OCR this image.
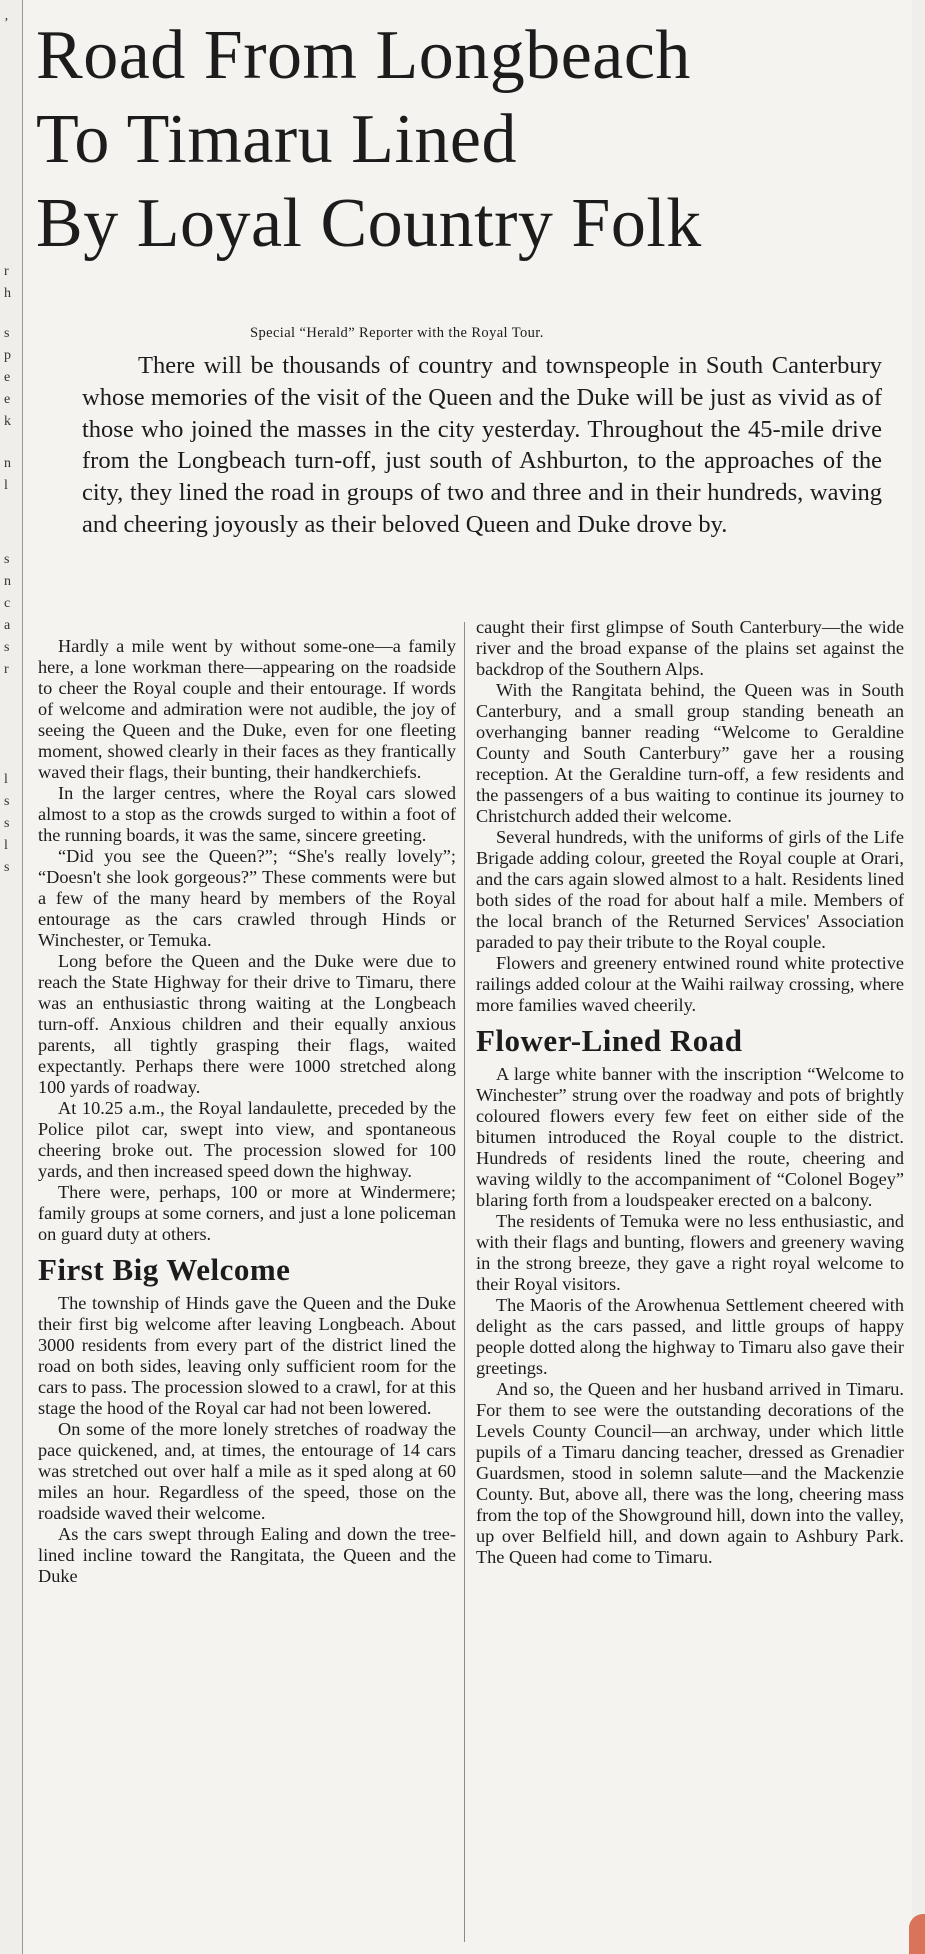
’
r
h
s
p
e
e
k
n
l
s
n
c
a
s
r
l
s
s
l
s
Road From Longbeach
To Timaru Lined
By Loyal Country Folk

Special “Herald” Reporter with the Royal Tour.

There will be thousands of country and townspeople in South Canterbury whose memories of the visit of the Queen and the Duke will be just as vivid as of those who joined the masses in the city yesterday. Throughout the 45-mile drive from the Longbeach turn-off, just south of Ashburton, to the approaches of the city, they lined the road in groups of two and three and in their hundreds, waving and cheering joyously as their beloved Queen and Duke drove by.

Hardly a mile went by without some-one—a family here, a lone workman there—appearing on the roadside to cheer the Royal couple and their entourage. If words of welcome and admiration were not audible, the joy of seeing the Queen and the Duke, even for one fleeting moment, showed clearly in their faces as they frantically waved their flags, their bunting, their handkerchiefs.

In the larger centres, where the Royal cars slowed almost to a stop as the crowds surged to within a foot of the running boards, it was the same, sincere greeting.

“Did you see the Queen?”; “She's really lovely”; “Doesn't she look gorgeous?” These comments were but a few of the many heard by members of the Royal entourage as the cars crawled through Hinds or Winchester, or Temuka.

Long before the Queen and the Duke were due to reach the State Highway for their drive to Timaru, there was an enthusiastic throng waiting at the Longbeach turn-off. Anxious children and their equally anxious parents, all tightly grasping their flags, waited expectantly. Perhaps there were 1000 stretched along 100 yards of roadway.

At 10.25 a.m., the Royal landaulette, preceded by the Police pilot car, swept into view, and spontaneous cheering broke out. The procession slowed for 100 yards, and then increased speed down the highway.

There were, perhaps, 100 or more at Windermere; family groups at some corners, and just a lone policeman on guard duty at others.

First Big Welcome

The township of Hinds gave the Queen and the Duke their first big welcome after leaving Longbeach. About 3000 residents from every part of the district lined the road on both sides, leaving only sufficient room for the cars to pass. The procession slowed to a crawl, for at this stage the hood of the Royal car had not been lowered.

On some of the more lonely stretches of roadway the pace quickened, and, at times, the entourage of 14 cars was stretched out over half a mile as it sped along at 60 miles an hour. Regardless of the speed, those on the roadside waved their welcome.

As the cars swept through Ealing and down the tree-lined incline toward the Rangitata, the Queen and the Duke

caught their first glimpse of South Canterbury—the wide river and the broad expanse of the plains set against the backdrop of the Southern Alps.

With the Rangitata behind, the Queen was in South Canterbury, and a small group standing beneath an overhanging banner reading “Welcome to Geraldine County and South Canterbury” gave her a rousing reception. At the Geraldine turn-off, a few residents and the passengers of a bus waiting to continue its journey to Christchurch added their welcome.

Several hundreds, with the uniforms of girls of the Life Brigade adding colour, greeted the Royal couple at Orari, and the cars again slowed almost to a halt. Residents lined both sides of the road for about half a mile. Members of the local branch of the Returned Services' Association paraded to pay their tribute to the Royal couple.

Flowers and greenery entwined round white protective railings added colour at the Waihi railway crossing, where more families waved cheerily.

Flower-Lined Road

A large white banner with the inscription “Welcome to Winchester” strung over the roadway and pots of brightly coloured flowers every few feet on either side of the bitumen introduced the Royal couple to the district. Hundreds of residents lined the route, cheering and waving wildly to the accompaniment of “Colonel Bogey” blaring forth from a loudspeaker erected on a balcony.

The residents of Temuka were no less enthusiastic, and with their flags and bunting, flowers and greenery waving in the strong breeze, they gave a right royal welcome to their Royal visitors.

The Maoris of the Arowhenua Settlement cheered with delight as the cars passed, and little groups of happy people dotted along the highway to Timaru also gave their greetings.

And so, the Queen and her husband arrived in Timaru. For them to see were the outstanding decorations of the Levels County Council—an archway, under which little pupils of a Timaru dancing teacher, dressed as Grenadier Guardsmen, stood in solemn salute—and the Mackenzie County. But, above all, there was the long, cheering mass from the top of the Showground hill, down into the valley, up over Belfield hill, and down again to Ashbury Park. The Queen had come to Timaru.
